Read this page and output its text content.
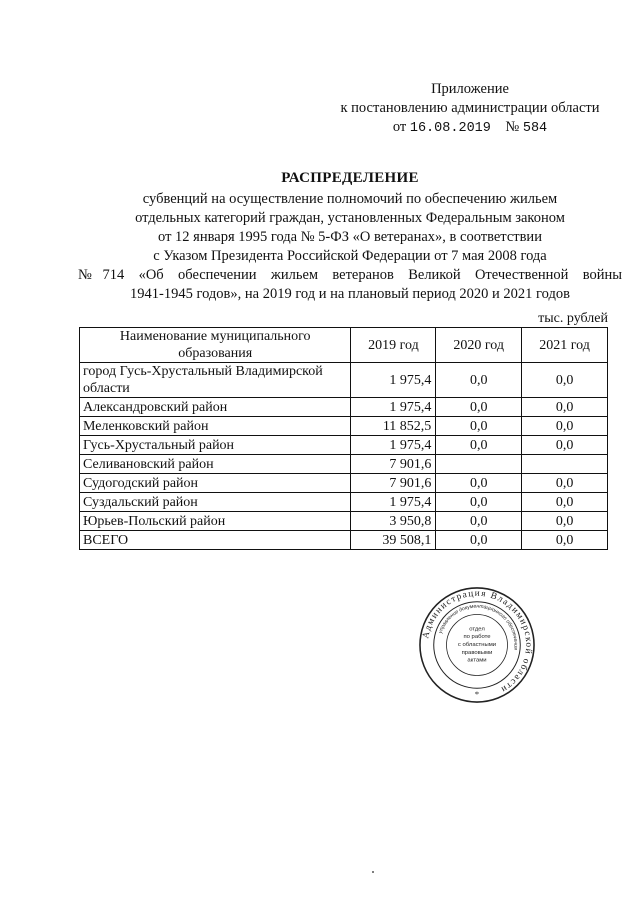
Приложение
к постановлению администрации области
от 16.08.2019 № 584
РАСПРЕДЕЛЕНИЕ
субвенций на осуществление полномочий по обеспечению жильем
отдельных категорий граждан, установленных Федеральным законом
от 12 января 1995 года № 5-ФЗ «О ветеранах», в соответствии
с Указом Президента Российской Федерации от 7 мая 2008 года
№714 «Об обеспечении жильем ветеранов Великой Отечественной войны
1941-1945 годов», на 2019 год и на плановый период 2020 и 2021 годов
тыс. рублей
Наименование муниципального образования	2019 год	2020 год	2021 год
город Гусь-Хрустальный Владимирской области	1 975,4	0,0	0,0
Александровский район	1 975,4	0,0	0,0
Меленковский район	11 852,5	0,0	0,0
Гусь-Хрустальный район	1 975,4	0,0	0,0
Селивановский район	7 901,6		
Судогодский район	7 901,6	0,0	0,0
Суздальский район	1 975,4	0,0	0,0
Юрьев-Польский район	3 950,8	0,0	0,0
ВСЕГО	39 508,1	0,0	0,0
Администрация Владимирской области
управление документационного обеспечения
отдел
по работе
с областными
правовыми
актами
*
